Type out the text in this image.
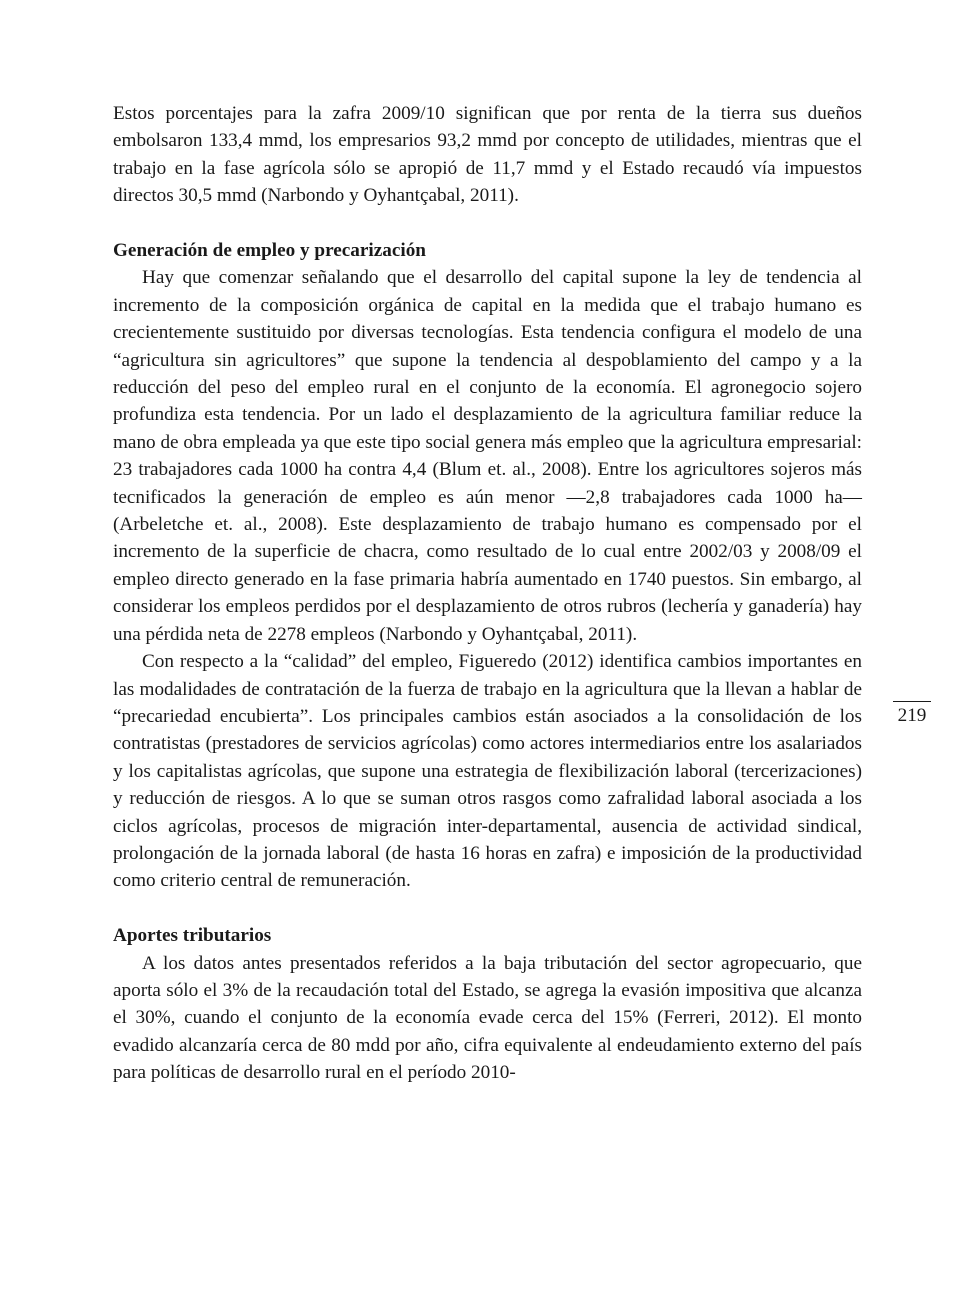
Estos porcentajes para la zafra 2009/10 significan que por renta de la tierra sus dueños embolsaron 133,4 mmd, los empresarios 93,2 mmd por concepto de utilidades, mientras que el trabajo en la fase agrícola sólo se apropió de 11,7 mmd y el Estado recaudó vía impuestos directos 30,5 mmd (Narbondo y Oyhantçabal, 2011).

Generación de empleo y precarización

Hay que comenzar señalando que el desarrollo del capital supone la ley de tendencia al incremento de la composición orgánica de capital en la medida que el trabajo humano es crecientemente sustituido por diversas tecnologías. Esta tendencia configura el modelo de una “agricultura sin agricultores” que supone la tendencia al despoblamiento del campo y a la reducción del peso del empleo rural en el conjunto de la economía. El agronegocio sojero profundiza esta tendencia. Por un lado el desplazamiento de la agricultura familiar reduce la mano de obra empleada ya que este tipo social genera más empleo que la agricultura empresarial: 23 trabajadores cada 1000 ha contra 4,4 (Blum et. al., 2008). Entre los agricultores sojeros más tecnificados la generación de empleo es aún menor —2,8 trabajadores cada 1000 ha— (Arbeletche et. al., 2008). Este desplazamiento de trabajo humano es compensado por el incremento de la superficie de chacra, como resultado de lo cual entre 2002/03 y 2008/09 el empleo directo generado en la fase primaria habría aumentado en 1740 puestos. Sin embargo, al considerar los empleos perdidos por el desplazamiento de otros rubros (lechería y ganadería) hay una pérdida neta de 2278 empleos (Narbondo y Oyhantçabal, 2011).

Con respecto a la “calidad” del empleo, Figueredo (2012) identifica cambios importantes en las modalidades de contratación de la fuerza de trabajo en la agricultura que la llevan a hablar de “precariedad encubierta”. Los principales cambios están asociados a la consolidación de los contratistas (prestadores de servicios agrícolas) como actores intermediarios entre los asalariados y los capitalistas agrícolas, que supone una estrategia de flexibilización laboral (tercerizaciones) y reducción de riesgos. A lo que se suman otros rasgos como zafralidad laboral asociada a los ciclos agrícolas, procesos de migración inter-departamental, ausencia de actividad sindical, prolongación de la jornada laboral (de hasta 16 horas en zafra) e imposición de la productividad como criterio central de remuneración.

Aportes tributarios

A los datos antes presentados referidos a la baja tributación del sector agropecuario, que aporta sólo el 3% de la recaudación total del Estado, se agrega la evasión impositiva que alcanza el 30%, cuando el conjunto de la economía evade cerca del 15% (Ferreri, 2012). El monto evadido alcanzaría cerca de 80 mdd por año, cifra equivalente al endeudamiento externo del país para políticas de desarrollo rural en el período 2010-

219
